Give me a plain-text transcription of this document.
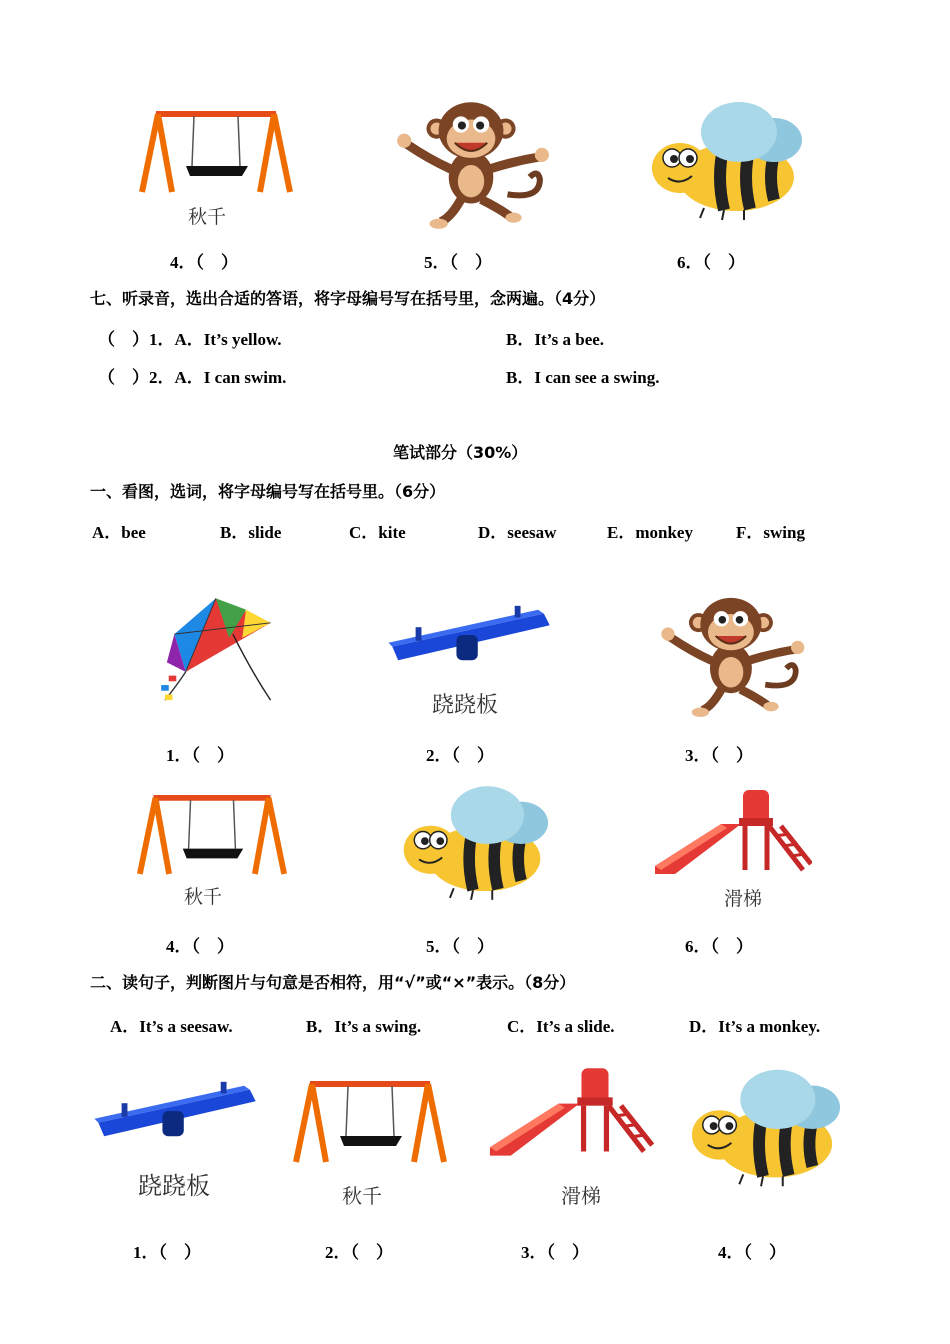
秋千
4．（　）	5．（　）	6．（　）
七、听录音，选出合适的答语，将字母编号写在括号里，念两遍。（4分）
（　）1．A．It’s yellow.	B．It’s a bee.
（　）2．A．I can swim.	B．I can see a swing.
笔试部分（30%）
一、看图，选词，将字母编号写在括号里。（6分）
A．bee	B．slide	C．kite	D．seesaw	E．monkey	F．swing
跷跷板
1．（　）	2．（　）	3．（　）
秋千	滑梯
4．（　）	5．（　）	6．（　）
二、读句子，判断图片与句意是否相符，用“√”或“×”表示。（8分）
A．It’s a seesaw.	B．It’s a swing.	C．It’s a slide.	D．It’s a monkey.
跷跷板	秋千	滑梯
1．（　）	2．（　）	3．（　）	4．（　）
